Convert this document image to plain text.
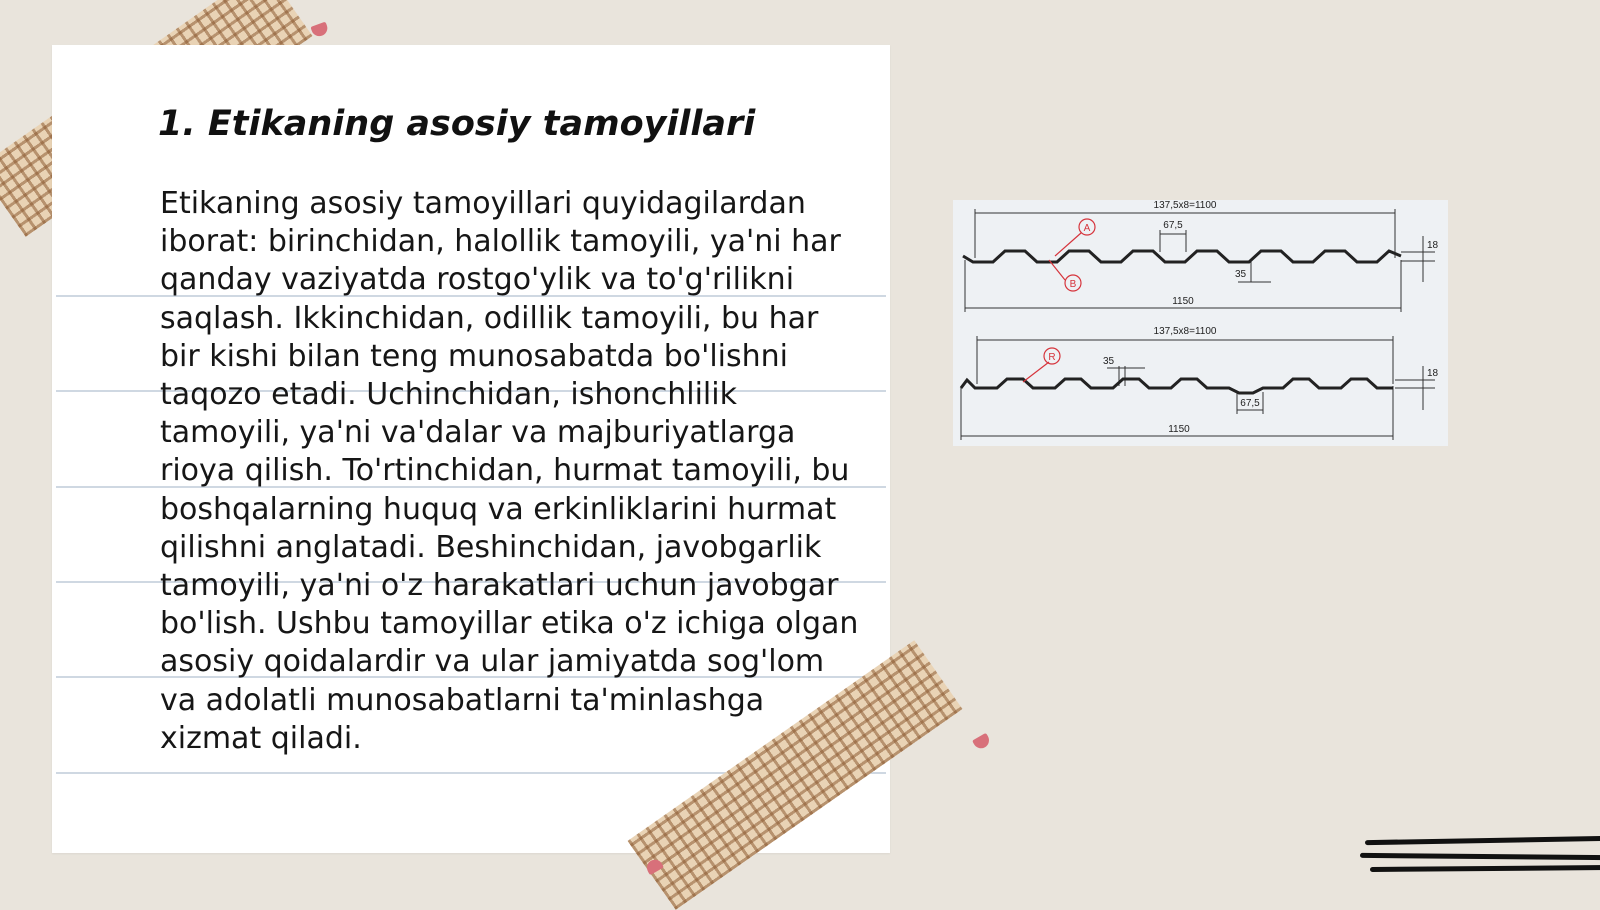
1. Etikaning asosiy tamoyillari

Etikaning asosiy tamoyillari quyidagilardan iborat: birinchidan, halollik tamoyili, ya'ni har qanday vaziyatda rostgo'ylik va to'g'rilikni saqlash. Ikkinchidan, odillik tamoyili, bu har bir kishi bilan teng munosabatda bo'lishni taqozo etadi. Uchinchidan, ishonchlilik tamoyili, ya'ni va'dalar va majburiyatlarga rioya qilish. To'rtinchidan, hurmat tamoyili, bu boshqalarning huquq va erkinliklarini hurmat qilishni anglatadi. Beshinchidan, javobgarlik tamoyili, ya'ni o'z harakatlari uchun javobgar bo'lish. Ushbu tamoyillar etika o'z ichiga olgan asosiy qoidalardir va ular jamiyatda sog'lom va adolatli munosabatlarni ta'minlashga xizmat qiladi.

137,5x8=1100
67,5
35
18
1150
A
B
137,5x8=1100
35
67,5
18
1150
R
